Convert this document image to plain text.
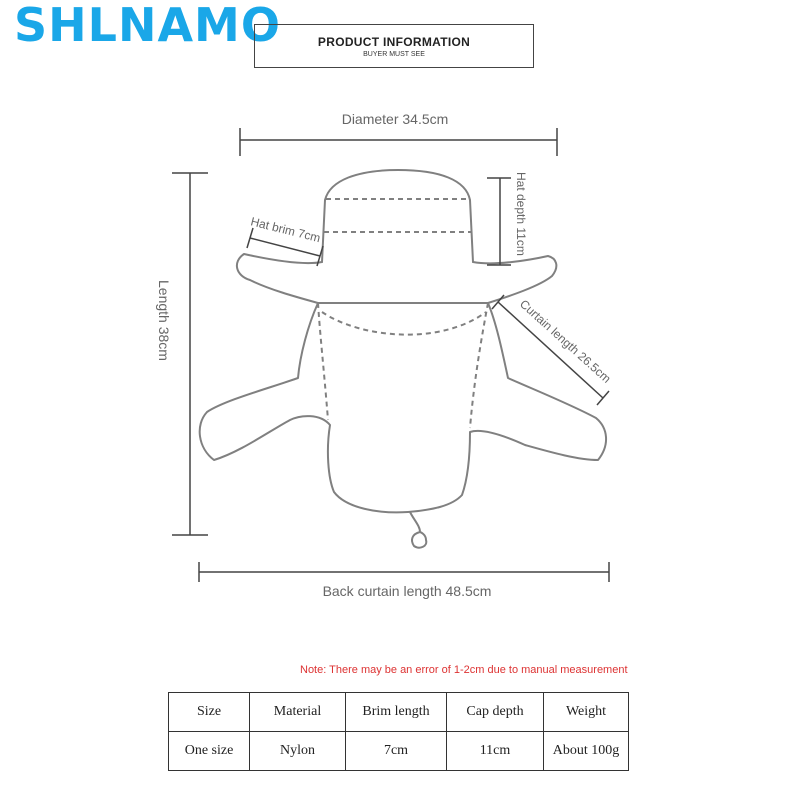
SHLNAMO	PRODUCT INFORMATION
BUYER MUST SEE
Diameter 34.5cm
Hat depth 11cm
Hat brim 7cm
Length 38cm	Curtain length 26.5cm
Back curtain length 48.5cm
Note: There may be an error of 1-2cm due to manual measurement
Size	Material	Brim length	Cap depth	Weight
One size	Nylon	7cm	11cm	About 100g
